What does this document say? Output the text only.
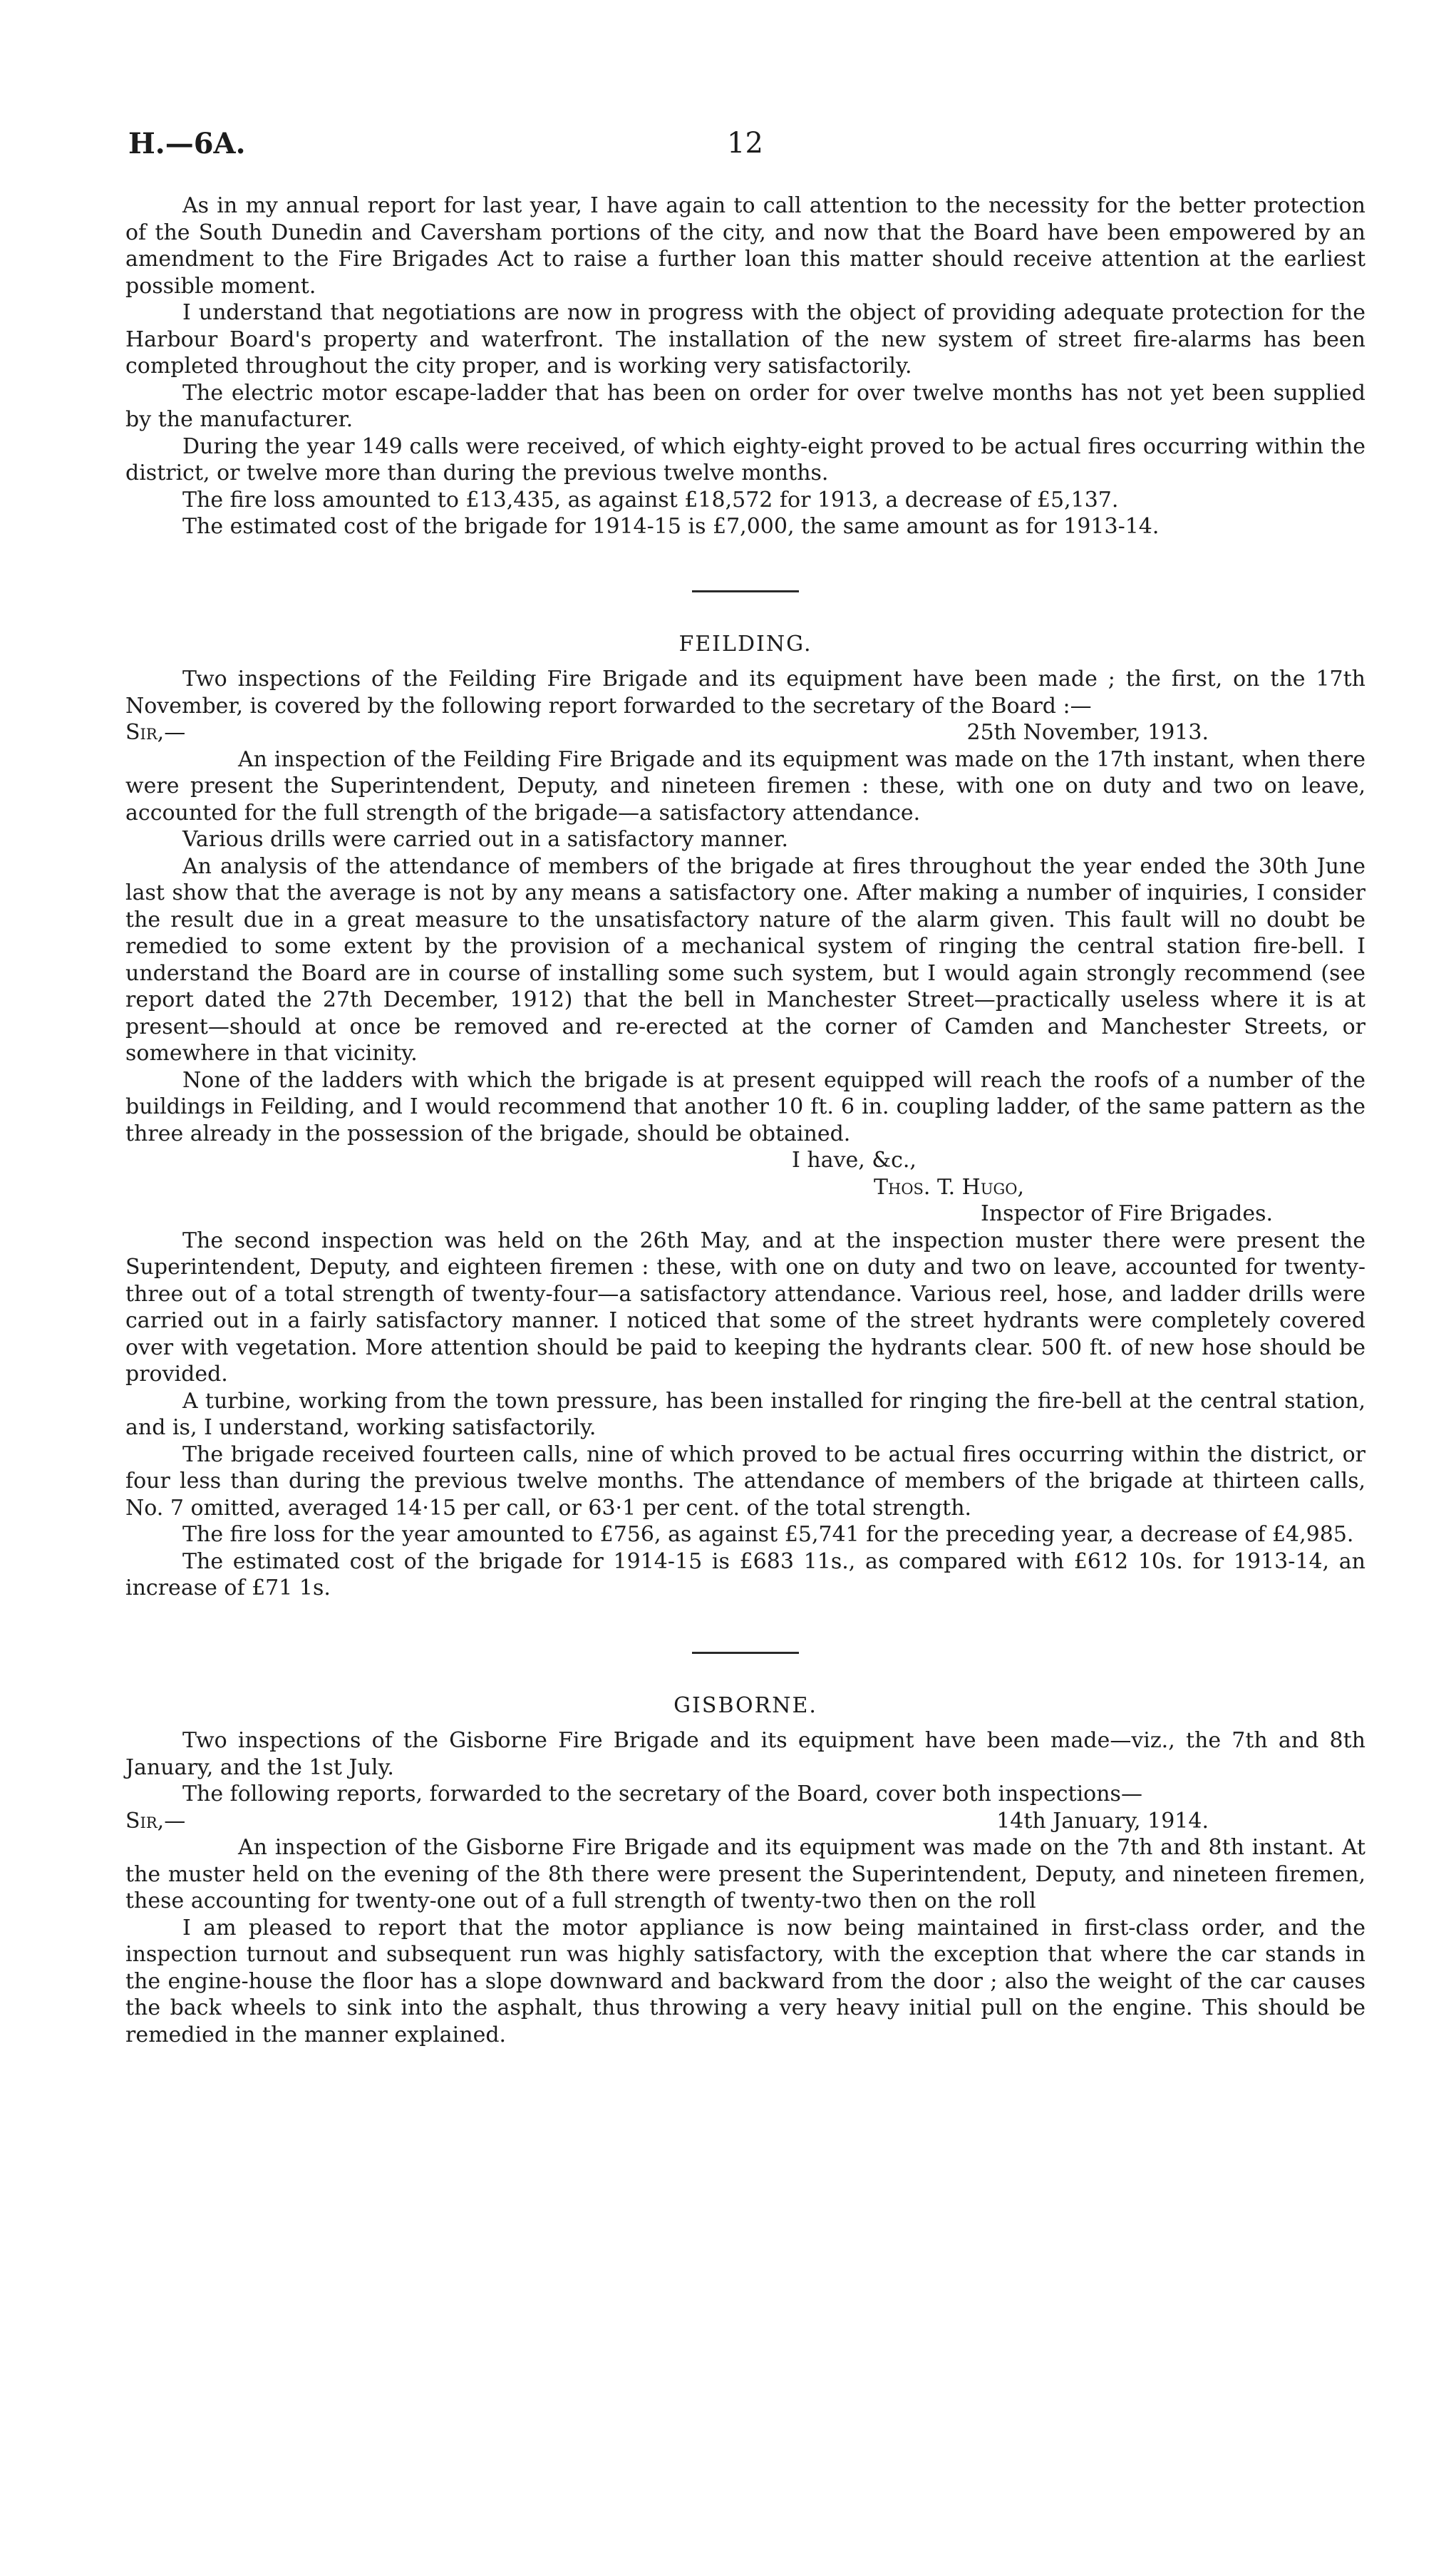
H.—6A.	12

As in my annual report for last year, I have again to call attention to the necessity for the better protection of the South Dunedin and Caversham portions of the city, and now that the Board have been empowered by an amendment to the Fire Brigades Act to raise a further loan this matter should receive attention at the earliest possible moment.

I understand that negotiations are now in progress with the object of providing adequate protection for the Harbour Board's property and waterfront. The installation of the new system of street fire-alarms has been completed throughout the city proper, and is working very satisfactorily.

The electric motor escape-ladder that has been on order for over twelve months has not yet been supplied by the manufacturer.

During the year 149 calls were received, of which eighty-eight proved to be actual fires occurring within the district, or twelve more than during the previous twelve months.

The fire loss amounted to £13,435, as against £18,572 for 1913, a decrease of £5,137.

The estimated cost of the brigade for 1914-15 is £7,000, the same amount as for 1913-14.

FEILDING.

Two inspections of the Feilding Fire Brigade and its equipment have been made ; the first, on the 17th November, is covered by the following report forwarded to the secretary of the Board :—

Sir,—	25th November, 1913.

An inspection of the Feilding Fire Brigade and its equipment was made on the 17th instant, when there were present the Superintendent, Deputy, and nineteen firemen : these, with one on duty and two on leave, accounted for the full strength of the brigade—a satisfactory attendance.

Various drills were carried out in a satisfactory manner.

An analysis of the attendance of members of the brigade at fires throughout the year ended the 30th June last show that the average is not by any means a satisfactory one. After making a number of inquiries, I consider the result due in a great measure to the unsatisfactory nature of the alarm given. This fault will no doubt be remedied to some extent by the provision of a mechanical system of ringing the central station fire-bell. I understand the Board are in course of installing some such system, but I would again strongly recommend (see report dated the 27th December, 1912) that the bell in Manchester Street—practically useless where it is at present—should at once be removed and re-erected at the corner of Camden and Manchester Streets, or somewhere in that vicinity.

None of the ladders with which the brigade is at present equipped will reach the roofs of a number of the buildings in Feilding, and I would recommend that another 10 ft. 6 in. coupling ladder, of the same pattern as the three already in the possession of the brigade, should be obtained.

I have, &c.,

Thos. T. Hugo,

Inspector of Fire Brigades.

The second inspection was held on the 26th May, and at the inspection muster there were present the Superintendent, Deputy, and eighteen firemen : these, with one on duty and two on leave, accounted for twenty-three out of a total strength of twenty-four—a satisfactory attendance. Various reel, hose, and ladder drills were carried out in a fairly satisfactory manner. I noticed that some of the street hydrants were completely covered over with vegetation. More attention should be paid to keeping the hydrants clear. 500 ft. of new hose should be provided.

A turbine, working from the town pressure, has been installed for ringing the fire-bell at the central station, and is, I understand, working satisfactorily.

The brigade received fourteen calls, nine of which proved to be actual fires occurring within the district, or four less than during the previous twelve months. The attendance of members of the brigade at thirteen calls, No. 7 omitted, averaged 14·15 per call, or 63·1 per cent. of the total strength.

The fire loss for the year amounted to £756, as against £5,741 for the preceding year, a decrease of £4,985.

The estimated cost of the brigade for 1914-15 is £683 11s., as compared with £612 10s. for 1913-14, an increase of £71 1s.

GISBORNE.

Two inspections of the Gisborne Fire Brigade and its equipment have been made—viz., the 7th and 8th January, and the 1st July.

The following reports, forwarded to the secretary of the Board, cover both inspections—

Sir,—	14th January, 1914.

An inspection of the Gisborne Fire Brigade and its equipment was made on the 7th and 8th instant. At the muster held on the evening of the 8th there were present the Superintendent, Deputy, and nineteen firemen, these accounting for twenty-one out of a full strength of twenty-two then on the roll

I am pleased to report that the motor appliance is now being maintained in first-class order, and the inspection turnout and subsequent run was highly satisfactory, with the exception that where the car stands in the engine-house the floor has a slope downward and backward from the door ; also the weight of the car causes the back wheels to sink into the asphalt, thus throwing a very heavy initial pull on the engine. This should be remedied in the manner explained.
